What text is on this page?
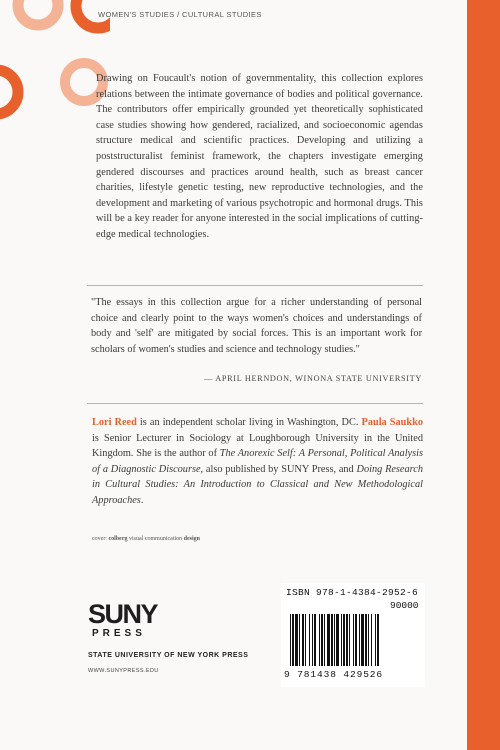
WOMEN'S STUDIES / CULTURAL STUDIES

Drawing on Foucault's notion of governmentality, this collection explores relations between the intimate governance of bodies and political governance. The contributors offer empirically grounded yet theoretically sophisticated case studies showing how gendered, racialized, and socioeconomic agendas structure medical and scientific practices. Developing and utilizing a poststructuralist feminist framework, the chapters investigate emerging gendered discourses and practices around health, such as breast cancer charities, lifestyle genetic testing, new reproductive technologies, and the development and marketing of various psychotropic and hormonal drugs. This will be a key reader for anyone interested in the social implications of cutting-edge medical technologies.

"The essays in this collection argue for a richer understanding of personal choice and clearly point to the ways women's choices and understandings of body and 'self' are mitigated by social forces. This is an important work for scholars of women's studies and science and technology studies."

— APRIL HERNDON, WINONA STATE UNIVERSITY

Lori Reed is an independent scholar living in Washington, DC. Paula Saukko is Senior Lecturer in Sociology at Loughborough University in the United Kingdom. She is the author of The Anorexic Self: A Personal, Political Analysis of a Diagnostic Discourse, also published by SUNY Press, and Doing Research in Cultural Studies: An Introduction to Classical and New Methodological Approaches.

cover: colberg visual communication design
SUNY
PRESS
STATE UNIVERSITY OF NEW YORK PRESS
WWW.SUNYPRESS.EDU
ISBN 978-1-4384-2952-6
90000
9 781438 429526
